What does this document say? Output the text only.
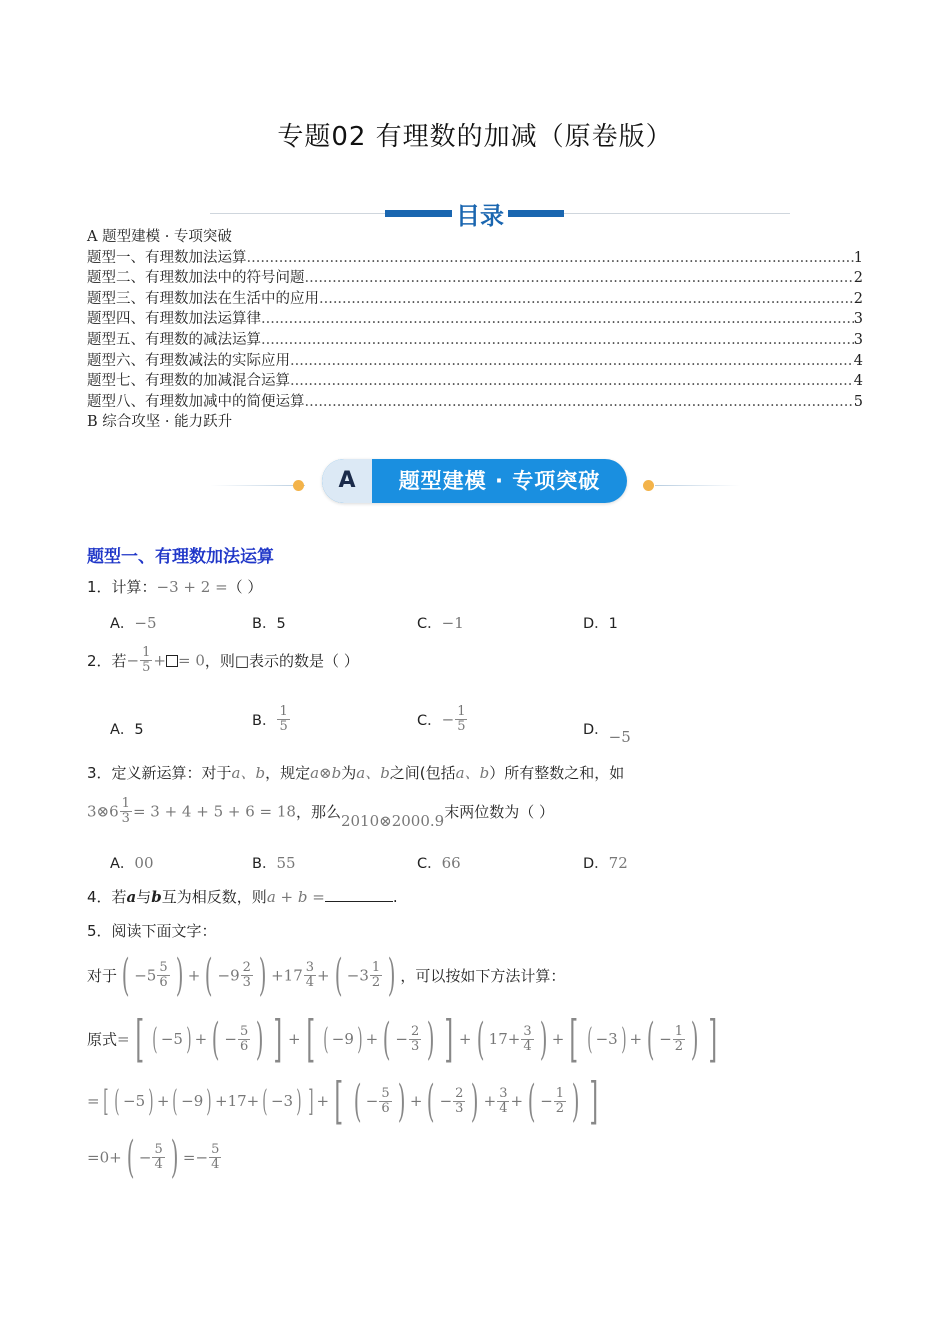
专题02 有理数的加减（原卷版）
目录
A 题型建模 · 专项突破
题型一、有理数加法运算 .....	1
题型二、有理数加法中的符号问题 .....	2
题型三、有理数加法在生活中的应用 .....	2
题型四、有理数加法运算律 .....	3
题型五、有理数的减法运算 .....	3
题型六、有理数减法的实际应用 .....	4
题型七、有理数的加减混合运算 .....	4
题型八、有理数加减中的简便运算 .....	5
B 综合攻坚 · 能力跃升
A	题型建模 · 专项突破
题型一、有理数加法运算
1．计算：−3 + 2 =（ ）
A．−5	B．5	C．−1	D．1
2．若− $\frac{1}{5}$ + = 0，则□表示的数是（ ）
A．5
B． $\frac{1}{5}$	C．− $\frac{1}{5}$	D．−5
3．定义新运算：对于a、b，规定a⊗b为a、b之间(包括a、b）所有整数之和，如
3⊗6 $\frac{1}{3} = 3 + 4 + 5 + 6 = 18$，那么2010⊗2000.9末两位数为（ ）
A．00	B．55	C．66	D．72
4．若a与b互为相反数，则a + b =	.
5．阅读下面文字：
对于 ( $-5 \frac{5}{6}$ ) + ( $-9 \frac{2}{3}$ ) $+17 \frac{3}{4}$ + ( $-3 \frac{1}{2}$ ) ，可以按如下方法计算：
原式= [ ( −5 ) + ( − $\frac{5}{6}$ ) ] + [ ( −9 ) + ( − $\frac{2}{3}$ ) ] + ( $17+ \frac{3}{4}$ ) + [ ( −3 ) + ( − $\frac{1}{2}$ ) ]
= [ ( −5 ) + ( −9 ) +17+ ( −3 ) ] + [ ( − $\frac{5}{6}$ ) + ( − $\frac{2}{3}$ ) + $\frac{3}{4}$ + ( − $\frac{1}{2}$ ) ]
=0+ ( − $\frac{5}{4}$ ) =− $\frac{5}{4}$
